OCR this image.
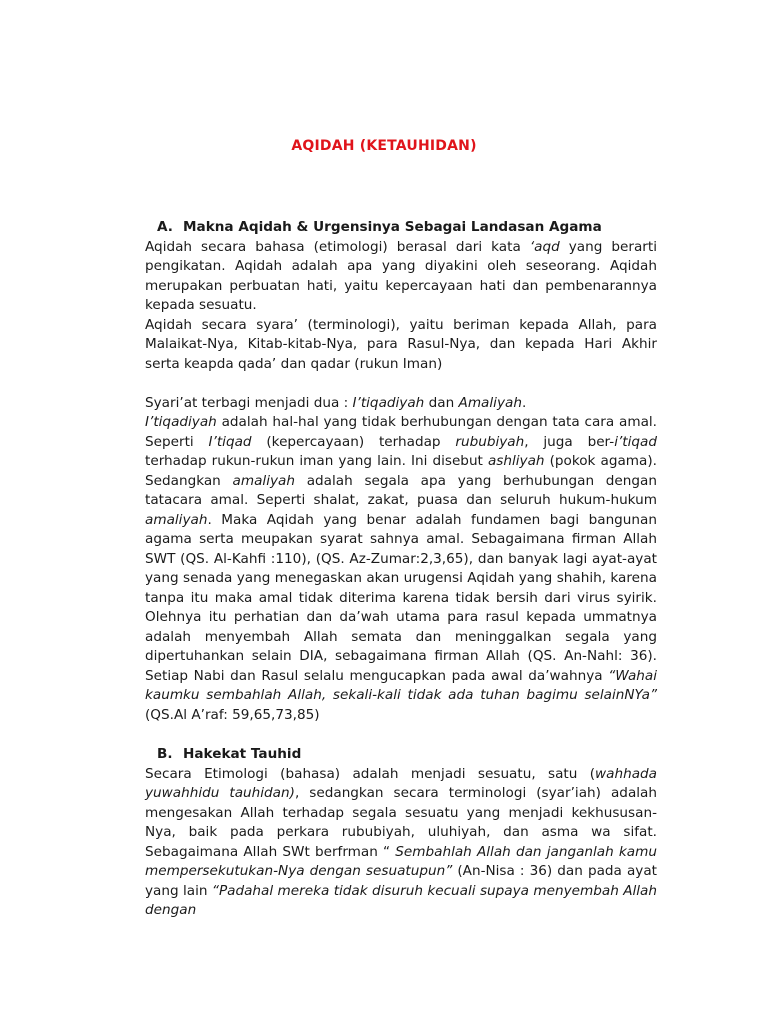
AQIDAH (KETAUHIDAN)
A. Makna Aqidah & Urgensinya Sebagai Landasan Agama

Aqidah secara bahasa (etimologi) berasal dari kata ‘aqd yang berarti pengikatan. Aqidah adalah apa yang diyakini oleh seseorang. Aqidah merupakan perbuatan hati, yaitu kepercayaan hati dan pembenarannya kepada sesuatu.

Aqidah secara syara’ (terminologi), yaitu beriman kepada Allah, para Malaikat-Nya, Kitab-kitab-Nya, para Rasul-Nya, dan kepada Hari Akhir serta keapda qada’ dan qadar (rukun Iman)

Syari’at terbagi menjadi dua : I’tiqadiyah dan Amaliyah.

I’tiqadiyah adalah hal-hal yang tidak berhubungan dengan tata cara amal. Seperti I’tiqad (kepercayaan) terhadap rububiyah, juga ber-i’tiqad terhadap rukun-rukun iman yang lain. Ini disebut ashliyah (pokok agama). Sedangkan amaliyah adalah segala apa yang berhubungan dengan tatacara amal. Seperti shalat, zakat, puasa dan seluruh hukum-hukum amaliyah. Maka Aqidah yang benar adalah fundamen bagi bangunan agama serta meupakan syarat sahnya amal. Sebagaimana firman Allah SWT (QS. Al-Kahfi :110), (QS. Az-Zumar:2,3,65), dan banyak lagi ayat-ayat yang senada yang menegaskan akan urugensi Aqidah yang shahih, karena tanpa itu maka amal tidak diterima karena tidak bersih dari virus syirik. Olehnya itu perhatian dan da’wah utama para rasul kepada ummatnya adalah menyembah Allah semata dan meninggalkan segala yang dipertuhankan selain DIA, sebagaimana firman Allah (QS. An-Nahl: 36). Setiap Nabi dan Rasul selalu mengucapkan pada awal da’wahnya “Wahai kaumku sembahlah Allah, sekali-kali tidak ada tuhan bagimu selainNYa” (QS.Al A’raf: 59,65,73,85)

B. Hakekat Tauhid

Secara Etimologi (bahasa) adalah menjadi sesuatu, satu (wahhada yuwahhidu tauhidan), sedangkan secara terminologi (syar’iah) adalah mengesakan Allah terhadap segala sesuatu yang menjadi kekhususan-Nya, baik pada perkara rububiyah, uluhiyah, dan asma wa sifat. Sebagaimana Allah SWt berfrman “ Sembahlah Allah dan janganlah kamu mempersekutukan-Nya dengan sesuatupun” (An-Nisa : 36) dan pada ayat yang lain “Padahal mereka tidak disuruh kecuali supaya menyembah Allah dengan
